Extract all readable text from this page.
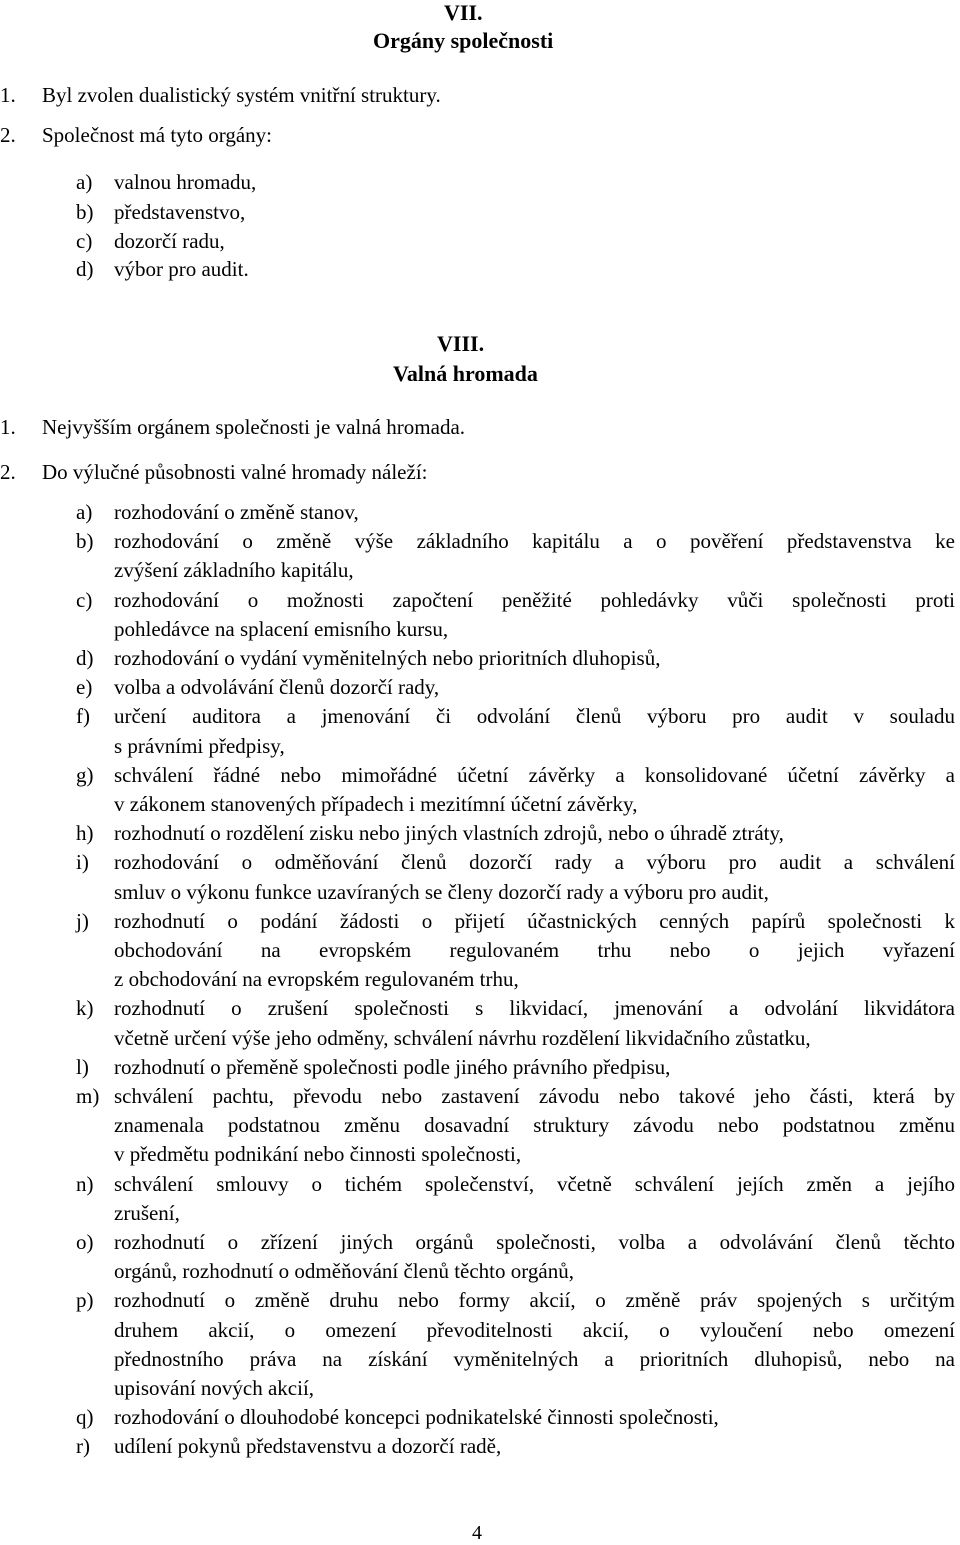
VII.
Orgány společnosti
1.	Byl zvolen dualistický systém vnitřní struktury.
2.	Společnost má tyto orgány:
a) valnou hromadu,
b) představenstvo,
c) dozorčí radu,
d) výbor pro audit.
VIII.
Valná hromada
1.	Nejvyšším orgánem společnosti je valná hromada.
2.	Do výlučné působnosti valné hromady náleží:
a) rozhodování o změně stanov,
b) rozhodování o změně výše základního kapitálu a o pověření představenstva ke
zvýšení základního kapitálu,
c) rozhodování o možnosti započtení peněžité pohledávky vůči společnosti proti
pohledávce na splacení emisního kursu,
d) rozhodování o vydání vyměnitelných nebo prioritních dluhopisů,
e) volba a odvolávání členů dozorčí rady,
f) určení auditora a jmenování či odvolání členů výboru pro audit v souladu
s právními předpisy,
g) schválení řádné nebo mimořádné účetní závěrky a konsolidované účetní závěrky a
v zákonem stanovených případech i mezitímní účetní závěrky,
h) rozhodnutí o rozdělení zisku nebo jiných vlastních zdrojů, nebo o úhradě ztráty,
i) rozhodování o odměňování členů dozorčí rady a výboru pro audit a schválení
smluv o výkonu funkce uzavíraných se členy dozorčí rady a výboru pro audit,
j) rozhodnutí o podání žádosti o přijetí účastnických cenných papírů společnosti k
obchodování na evropském regulovaném trhu nebo o jejich vyřazení
z obchodování na evropském regulovaném trhu,
k) rozhodnutí o zrušení společnosti s likvidací, jmenování a odvolání likvidátora
včetně určení výše jeho odměny, schválení návrhu rozdělení likvidačního zůstatku,
l) rozhodnutí o přeměně společnosti podle jiného právního předpisu,
m) schválení pachtu, převodu nebo zastavení závodu nebo takové jeho části, která by
znamenala podstatnou změnu dosavadní struktury závodu nebo podstatnou změnu
v předmětu podnikání nebo činnosti společnosti,
n) schválení smlouvy o tichém společenství, včetně schválení jejích změn a jejího
zrušení,
o) rozhodnutí o zřízení jiných orgánů společnosti, volba a odvolávání členů těchto
orgánů, rozhodnutí o odměňování členů těchto orgánů,
p) rozhodnutí o změně druhu nebo formy akcií, o změně práv spojených s určitým
druhem akcií, o omezení převoditelnosti akcií, o vyloučení nebo omezení
přednostního práva na získání vyměnitelných a prioritních dluhopisů, nebo na
upisování nových akcií,
q) rozhodování o dlouhodobé koncepci podnikatelské činnosti společnosti,
r) udílení pokynů představenstvu a dozorčí radě,
4
